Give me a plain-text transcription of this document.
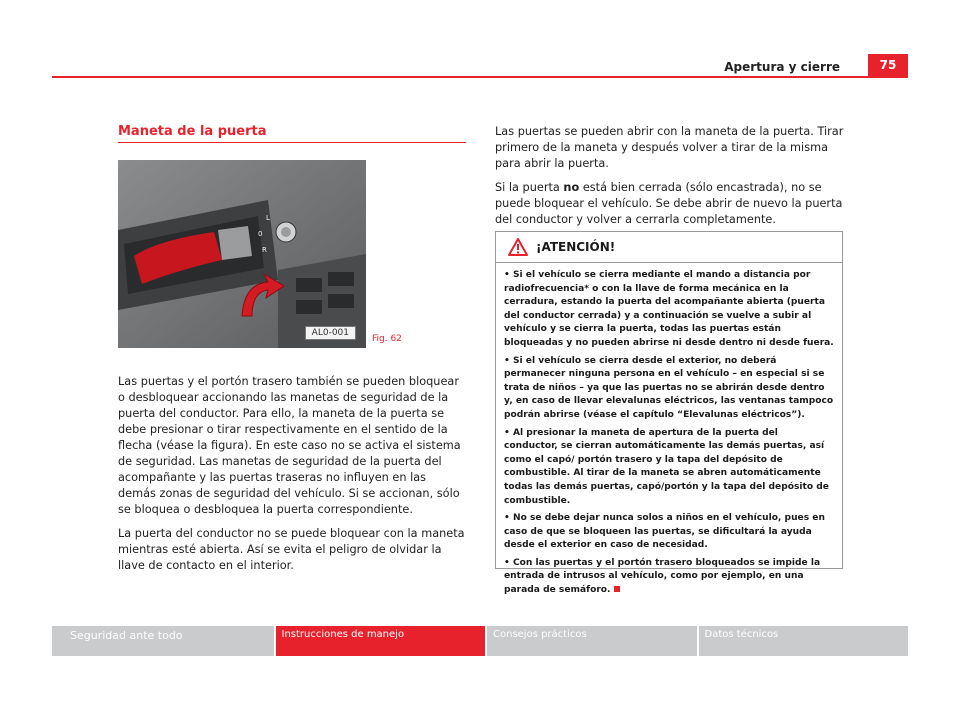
Apertura y cierre	75
Maneta de la puerta
L
0
R
AL0-001
Fig. 62

Las puertas y el portón trasero también se pueden bloquear o desbloquear accionando las manetas de seguridad de la puerta del conductor. Para ello, la maneta de la puerta se debe presionar o tirar respectivamente en el sentido de la flecha (véase la figura). En este caso no se activa el sistema de seguridad. Las manetas de seguridad de la puerta del acompañante y las puertas traseras no influyen en las demás zonas de seguridad del vehículo. Si se accionan, sólo se bloquea o desbloquea la puerta correspondiente.

La puerta del conductor no se puede bloquear con la maneta mientras esté abierta. Así se evita el peligro de olvidar la llave de contacto en el interior.

Las puertas se pueden abrir con la maneta de la puerta. Tirar primero de la maneta y después volver a tirar de la misma para abrir la puerta.

Si la puerta no está bien cerrada (sólo encastrada), no se puede bloquear el vehículo. Se debe abrir de nuevo la puerta del conductor y volver a cerrarla completamente.

¡ATENCIÓN!

• Si el vehículo se cierra mediante el mando a distancia por radiofrecuencia* o con la llave de forma mecánica en la cerradura, estando la puerta del acompañante abierta (puerta del conductor cerrada) y a continuación se vuelve a subir al vehículo y se cierra la puerta, todas las puertas están bloqueadas y no pueden abrirse ni desde dentro ni desde fuera.

• Si el vehículo se cierra desde el exterior, no deberá permanecer ninguna persona en el vehículo – en especial si se trata de niños – ya que las puertas no se abrirán desde dentro y, en caso de llevar elevalunas eléctricos, las ventanas tampoco podrán abrirse (véase el capítulo “Elevalunas eléctricos”).

• Al presionar la maneta de apertura de la puerta del conductor, se cierran automáticamente las demás puertas, así como el capó/ portón trasero y la tapa del depósito de combustible. Al tirar de la maneta se abren automáticamente todas las demás puertas, capó/portón y la tapa del depósito de combustible.

• No se debe dejar nunca solos a niños en el vehículo, pues en caso de que se bloqueen las puertas, se dificultará la ayuda desde el exterior en caso de necesidad.

• Con las puertas y el portón trasero bloqueados se impide la entrada de intrusos al vehículo, como por ejemplo, en una parada de semáforo.

Seguridad ante todo	Instrucciones de manejo	Consejos prácticos	Datos técnicos
